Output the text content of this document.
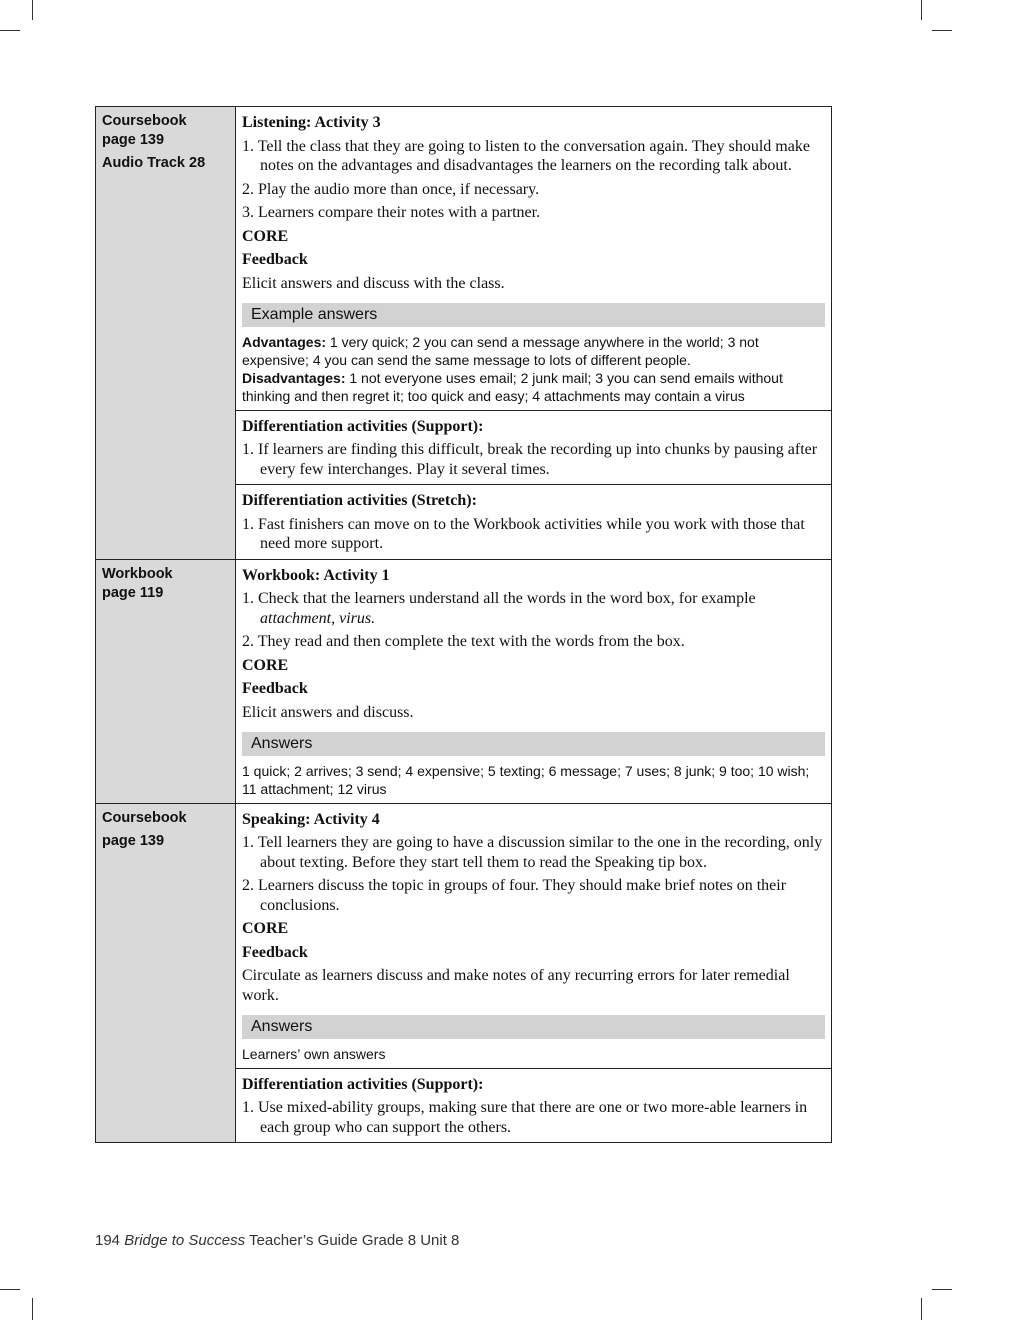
Coursebook
page 139
Audio Track 28
Listening: Activity 3
1. Tell the class that they are going to listen to the conversation again. They should make notes on the advantages and disadvantages the learners on the recording talk about.
2. Play the audio more than once, if necessary.
3. Learners compare their notes with a partner.
CORE
Feedback
Elicit answers and discuss with the class.
Example answers
Advantages: 1 very quick; 2 you can send a message anywhere in the world; 3 not expensive; 4 you can send the same message to lots of different people.
Disadvantages: 1 not everyone uses email; 2 junk mail; 3 you can send emails without thinking and then regret it; too quick and easy; 4 attachments may contain a virus
Differentiation activities (Support):
1. If learners are finding this difficult, break the recording up into chunks by pausing after every few interchanges. Play it several times.
Differentiation activities (Stretch):
1. Fast finishers can move on to the Workbook activities while you work with those that need more support.
Workbook
page 119
Workbook: Activity 1
1. Check that the learners understand all the words in the word box, for example attachment, virus.
2. They read and then complete the text with the words from the box.
CORE
Feedback
Elicit answers and discuss.
Answers
1 quick; 2 arrives; 3 send; 4 expensive; 5 texting; 6 message; 7 uses; 8 junk; 9 too; 10 wish; 11 attachment; 12 virus
Coursebook
page 139
Speaking: Activity 4
1. Tell learners they are going to have a discussion similar to the one in the recording, only about texting. Before they start tell them to read the Speaking tip box.
2. Learners discuss the topic in groups of four. They should make brief notes on their conclusions.
CORE
Feedback
Circulate as learners discuss and make notes of any recurring errors for later remedial work.
Answers
Learners’ own answers
Differentiation activities (Support):
1. Use mixed-ability groups, making sure that there are one or two more-able learners in each group who can support the others.
194 Bridge to Success Teacher’s Guide Grade 8 Unit 8
